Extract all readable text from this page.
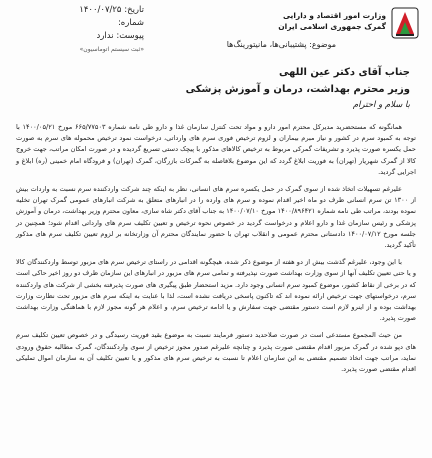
تاریخ: ۱۴۰۰/۰۷/۲۵
شماره:
پیوست: ندارد
«ثبت سیستم اتوماسیون»
وزارت امور اقتصاد و دارایی
گمرک جمهوری اسلامی ایران
موضوع: پشتیبانی‌ها، مانیتورینگ‌ها
جناب آقای دکتر عین اللهی
وزیر محترم بهداشت، درمان و آموزش پزشکی
با سلام و احترام

همانگونه که مستحضرید مدیرکل محترم امور دارو و مواد تحت کنترل سازمان غذا و دارو طی نامه شماره ۶۶۵/۷۷۵۰۳ مورخ ۱۴۰۰/۰۵/۲۱ با توجه به کمبود سرم در کشور و نیاز مبرم بیماران و لزوم ترخیص فوری سرم های وارداتی، درخواست نمود ترخیص محموله های سرم به صورت حمل یکسره صورت پذیرد و تشریفات گمرکی مربوط به ترخیص کالاهای مذکور با پیچک دستی تسریع گردیده و در صورت امکان مراتب، جهت خروج کالا از گمرک شهریار (تهران) به فوریت ابلاغ گردد که این موضوع بلافاصله به گمرکات بازرگان، گمرک (تهران) و فرودگاه امام خمینی (ره) ابلاغ و اجرایی گردید.

علیرغم تسهیلات اتخاذ شده از سوی گمرک در حمل یکسره سرم های انسانی، نظر به اینکه چند شرکت واردکننده سرم نسبت به واردات بیش از ۱۳۰۰ تن سرم انسانی ظرف دو ماه اخیر اقدام نموده و سرم های وارده را در انبارهای متعلق به شرکت انبارهای عمومی گمرک تهران تخلیه نموده بودند، مراتب طی نامه شماره ۱۴۰۰/۸۹۶۴۲۱ مورخ ۱۴۰۰/۰۷/۱۰ به جناب آقای دکتر شاه سازی، معاون محترم وزیر بهداشت، درمان و آموزش پزشکی و رئیس سازمان غذا و دارو اعلام و درخواست گردید در خصوص نحوه ترخیص و تعیین تکلیف سرم های وارداتی اقدام شود؛ همچنین در جلسه مورخ ۱۴۰۰/۰۷/۱۲ دادستانی محترم عمومی و انقلاب تهران با حضور نمایندگان محترم آن وزارتخانه بر لزوم تعیین تکلیف سرم های مذکور تأکید گردید.

با این وجود، علیرغم گذشت بیش از دو هفته از موضوع ذکر شده، هیچگونه اقدامی در راستای ترخیص سرم های مزبور توسط واردکنندگان کالا و یا حتی تعیین تکلیف آنها از سوی وزارت بهداشت صورت نپذیرفته و تمامی سرم های مزبور در انبارهای این سازمان ظرف دو روز اخیر حاکی است که در برخی از نقاط کشور، موضوع کمبود سرم انسانی وجود دارد. مزید استحضار طبق پیگیری های صورت پذیرفته بخشی از شرکت های واردکننده سرم، درخواستهای جهت ترخیص ارائه نموده اند که تاکنون پاسخی دریافت نشده است، لذا با عنایت به اینکه سرم های مزبور تحت نظارت وزارت بهداشت بوده و از اینرو لازم است دستور مقتضی جهت سفارش و یا ادامه ترخیص سرم، و اعلام هر گونه مجوز لازم با هماهنگی وزارت بهداشت صورت پذیرد.

من حیث المجموع مستدعی است در صورت صلاحدید دستور فرمایند نسبت به موضوع بقید فوریت رسیدگی و در خصوص تعیین تکلیف سرم های دپو شده در گمرک مزبور اقدام مقتضی صورت پذیرد و چنانچه علیرغم صدور مجوز ترخیص از سوی واردکنندگان، گمرک مطالبه حقوق ورودی نماید، مراتب جهت اتخاذ تصمیم مقتضی به این سازمان اعلام تا نسبت به ترخیص سرم های مذکور و یا تعیین تکلیف آن به سازمان اموال تملیکی اقدام مقتضی صورت پذیرد.
